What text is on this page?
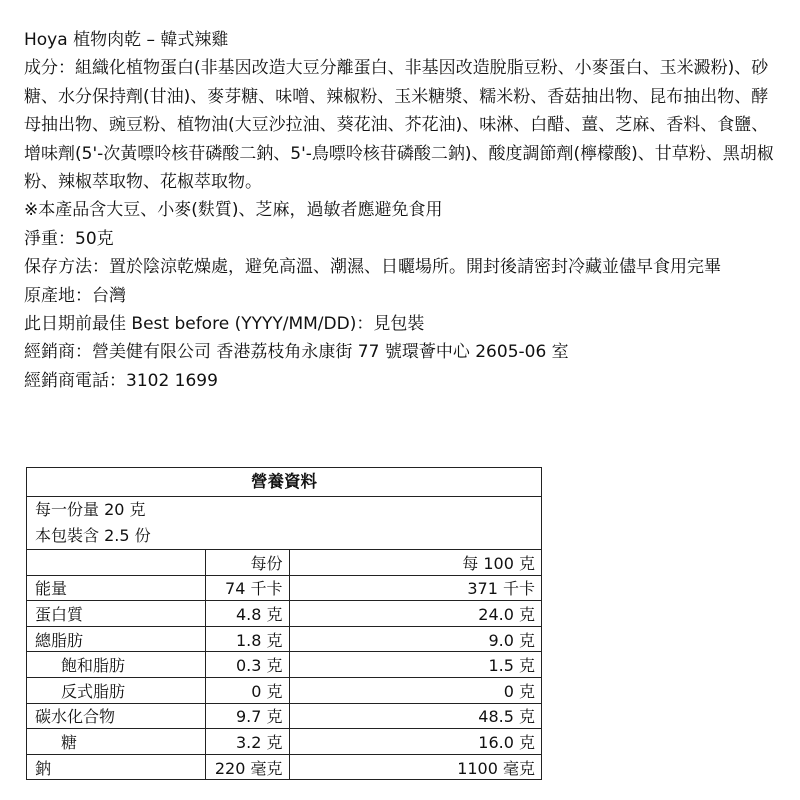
Hoya 植物肉乾 – 韓式辣雞

成分：組織化植物蛋白(非基因改造大豆分離蛋白、非基因改造脫脂豆粉、小麥蛋白、玉米澱粉)、砂糖、水分保持劑(甘油)、麥芽糖、味噌、辣椒粉、玉米糖漿、糯米粉、香菇抽出物、昆布抽出物、酵母抽出物、豌豆粉、植物油(大豆沙拉油、葵花油、芥花油)、味淋、白醋、薑、芝麻、香料、食鹽、增味劑(5'-次黃嘌呤核苷磷酸二鈉、5'-鳥嘌呤核苷磷酸二鈉)、酸度調節劑(檸檬酸)、甘草粉、黑胡椒粉、辣椒萃取物、花椒萃取物。

※本產品含大豆、小麥(麩質)、芝麻，過敏者應避免食用

淨重：50克

保存方法：置於陰涼乾燥處，避免高溫、潮濕、日曬場所。開封後請密封冷藏並儘早食用完畢

原產地：台灣

此日期前最佳 Best before (YYYY/MM/DD)：見包裝

經銷商：營美健有限公司 香港荔枝角永康街 77 號環薈中心 2605-06 室

經銷商電話：3102 1699

營養資料
每一份量 20 克
本包裝含 2.5 份
	每份	每 100 克
能量	74 千卡	371 千卡
蛋白質	4.8 克	24.0 克
總脂肪	1.8 克	9.0 克
飽和脂肪	0.3 克	1.5 克
反式脂肪	0 克	0 克
碳水化合物	9.7 克	48.5 克
糖	3.2 克	16.0 克
鈉	220 毫克	1100 毫克
